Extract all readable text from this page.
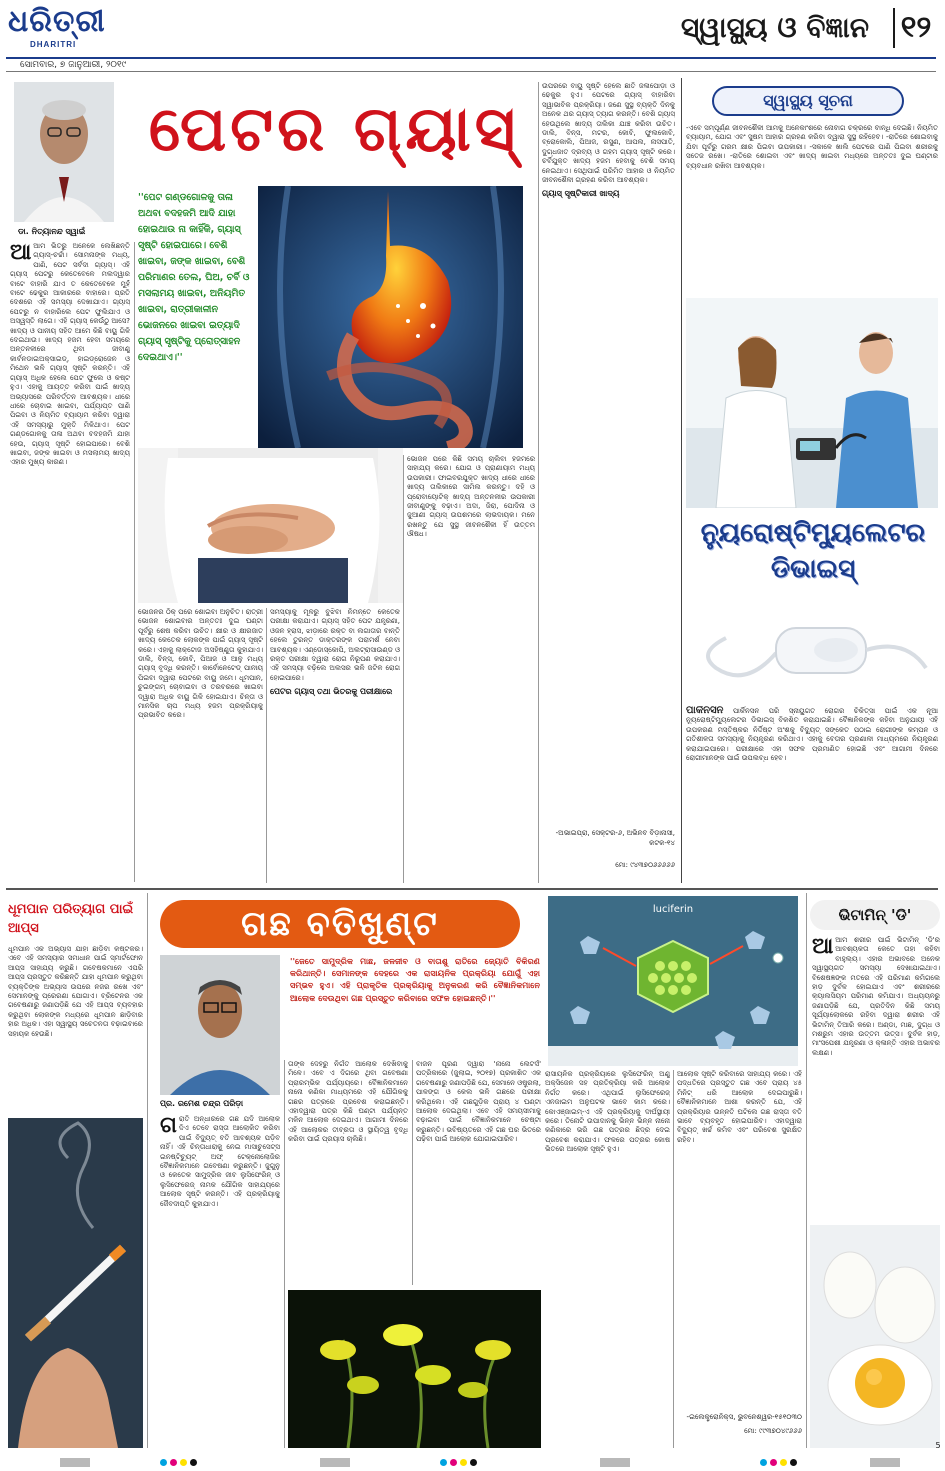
ଧରିତ୍ରୀ
DHARITRI
ସ୍ୱାସ୍ଥ୍ୟ ଓ ବିଜ୍ଞାନ	୧୨
ସୋମବାର, ୭ ଜାନୁଆରୀ, ୨୦୧୯
ଡା. ନିତ୍ୟାନନ୍ଦ ସ୍ୱାଇଁ
ପେଟର ଗ୍ୟାସ୍
''ପେଟ ଗଣ୍ଡଗୋଳକୁ ତାଳା ଅଥବା ବଦହଜମି ଆଦି ଯାହା ହୋଇଥାଉ ନା କାହିଁକି, ଗ୍ୟାସ୍ ସୃଷ୍ଟି ହୋଇପାରେ। ବେଶି ଖାଇବା, ଜଙ୍କ ଖାଇବା, ବେଶି ପରିମାଣର ତେଲ, ଘିଅ, ଚର୍ବି ଓ ମସଲାମୟ ଖାଇବା, ଅନିୟମିତ ଖାଇବା, ରାତ୍ରୀକାଳୀନ ଭୋଜନରେ ଖାଇବା ଇତ୍ୟାଦି ଗ୍ୟାସ୍ ସୃଷ୍ଟିକୁ ପ୍ରୋତ୍ସାହନ ଦେଇଥାଏ।''
ଆଆମ ଭିତରୁ ଅନେକେ ଲେଖିଛନ୍ତି ଗ୍ୟାସ୍-ଚର୍ଚ୍ଚା। ସୋମନାଙ୍କ ମଧ୍ୟ, ପାଣି, ପେଟ ସର୍ବଦା ଗ୍ୟାସ୍। ଏହି ଗ୍ୟାସ୍ ପେଟରୁ କେତେବେଳେ ମଲଦ୍ୱାର ବାଟେ ବାହାରି ଯାଏ ତ କେତେବେଳେ ମୁହଁ ବାଟେ ଢେକୁର ଆକାରରେ ବାହାରେ। ପ୍ରତି ଦେଶରେ ଏହି ସମସ୍ୟା ଦେଖାଯାଏ। ଗ୍ୟାସ୍ ପେଟରୁ ନ ବାହାରିଲେ ପେଟ ଫୁଲିଯାଏ ଓ ଅସ୍ୱସ୍ତି ଲାଗେ। ଏହି ଗ୍ୟାସ୍ କେଉଁଠୁ ଆସେ? ଖାଦ୍ୟ ଓ ପାନୀୟ ସହିତ ଆମେ କିଛି ବାୟୁ ଗିଳି ଦେଇଥାଉ। ଖାଦ୍ୟ ହଜମ ହେବା ସମୟରେ ଅନ୍ତନଳୀରେ ଥିବା ଜୀବାଣୁ କାର୍ବନଡାଇଅକ୍ସାଇଡ୍, ହାଇଡ୍ରୋଜେନ ଓ ମିଥେନ ଭଳି ଗ୍ୟାସ୍ ସୃଷ୍ଟି କରନ୍ତି। ଏହି ଗ୍ୟାସ୍ ଅଧିକ ହେଲେ ପେଟ ଫୁଲେ ଓ କଷ୍ଟ ହୁଏ। ଏହାକୁ ଆୟତ୍ତ କରିବା ପାଇଁ ଖାଦ୍ୟ ଅଭ୍ୟାସରେ ପରିବର୍ତ୍ତନ ଆବଶ୍ୟକ। ଧୀରେ ଧୀରେ ଚୋବାଇ ଖାଇବା, ପର୍ଯ୍ୟାପ୍ତ ପାଣି ପିଇବା ଓ ନିୟମିତ ବ୍ୟାୟାମ କରିବା ଦ୍ୱାରା ଏହି ସମସ୍ୟାରୁ ମୁକ୍ତି ମିଳିଥାଏ। ପେଟ ଗଣ୍ଡଗୋଳକୁ ତାଳା ଅଥବା ବଦହଜମି ଯାହା ହେଉ, ଗ୍ୟାସ୍ ସୃଷ୍ଟି ହୋଇପାରେ। ବେଶି ଖାଇବା, ଜଙ୍କ ଖାଇବା ଓ ମସଲାମୟ ଖାଦ୍ୟ ଏହାର ମୁଖ୍ୟ କାରଣ।
ଭୋଜନର ଠିକ୍ ପରେ ଶୋଇବା ଅନୁଚିତ। ରାତ୍ରୀ ଭୋଜନ ଶୋଇବାର ଅନ୍ତତଃ ଦୁଇ ଘଣ୍ଟା ପୂର୍ବରୁ ଶେଷ କରିବା ଉଚିତ। କ୍ଷୀର ଓ କ୍ଷୀରଜାତ ଖାଦ୍ୟ କେତେକ ଲୋକଙ୍କ ପାଇଁ ଗ୍ୟାସ୍ ସୃଷ୍ଟି କରେ। ଏହାକୁ ଲାକ୍ଟୋଜ ଅସହିଷ୍ଣୁତା କୁହାଯାଏ। ଡାଲି, ବିନ୍ସ, କୋବି, ପିଆଜ ଓ ଆଳୁ ମଧ୍ୟ ଗ୍ୟାସ୍ ବୃଦ୍ଧି କରନ୍ତି। କାର୍ବୋନେଟେଡ୍ ପାନୀୟ ପିଇବା ଦ୍ୱାରା ପେଟରେ ବାୟୁ ଜମେ। ଧୂମପାନ, ଚୁଇଙ୍ଗମ୍ ଚୋବାଇବା ଓ ତରବରରେ ଖାଇବା ଦ୍ୱାରା ଅଧିକ ବାୟୁ ଗିଳି ହୋଇଯାଏ। ଚିନ୍ତା ଓ ମାନସିକ ଚାପ ମଧ୍ୟ ହଜମ ପ୍ରକ୍ରିୟାକୁ ପ୍ରଭାବିତ କରେ।
ସମସ୍ୟାକୁ ମୂଳରୁ ବୁଝିବା ନିମନ୍ତେ କେତେକ ପରୀକ୍ଷା କରାଯାଏ। ଗ୍ୟାସ୍ ସହିତ ପେଟ ଯନ୍ତ୍ରଣା, ଓଜନ ହ୍ରାସ, ଝାଡ଼ାରେ ରକ୍ତ ବା ଲଗାତାର ବାନ୍ତି ହେଲେ ତୁରନ୍ତ ଡାକ୍ତରଙ୍କ ପରାମର୍ଶ ନେବା ଆବଶ୍ୟକ। ଏଣ୍ଡୋସ୍କୋପି, ଅଲଟ୍ରାସାଉଣ୍ଡ ଓ ରକ୍ତ ପରୀକ୍ଷା ଦ୍ୱାରା ରୋଗ ନିରୂପଣ କରାଯାଏ। ଏହି ସମସ୍ୟା ବଢ଼ିଲେ ଅଲସର ଭଳି ଜଟିଳ ରୋଗ ହୋଇପାରେ।
ପେଟର ଗ୍ୟାସ୍ ତଥା ଭିତରକୁ ପରୀକ୍ଷାରେ
ଭୋଜନ ପରେ କିଛି ସମୟ ଚାଲିବା ହଜମରେ ସାହାଯ୍ୟ କରେ। ଯୋଗ ଓ ପ୍ରାଣାୟାମ ମଧ୍ୟ ଉପକାରୀ। ଫାଇବରଯୁକ୍ତ ଖାଦ୍ୟ ଧୀରେ ଧୀରେ ଖାଦ୍ୟ ତାଲିକାରେ ସାମିଲ କରନ୍ତୁ। ଦହି ଓ ପ୍ରୋବାୟୋଟିକ୍ ଖାଦ୍ୟ ଅନ୍ତନଳୀର ଉପକାରୀ ଜୀବାଣୁଙ୍କୁ ବଢ଼ାଏ। ଅଦା, ଜିରା, ପୋଦିନା ଓ ଜୁଆଣୀ ଗ୍ୟାସ୍ ଉପଶମରେ ଲାଭଦାୟକ। ମନେ ରଖନ୍ତୁ ଯେ ସୁସ୍ଥ ଜୀବନଶୈଳୀ ହିଁ ଉତ୍ତମ ଔଷଧ।
ଉପରରେ ବାୟୁ ସୃଷ୍ଟି ହେଲେ ଛାତି ଜଳାପୋଡ଼ା ଓ ଢେକୁର ହୁଏ। ପେଟରେ ଗ୍ୟାସ୍ ବାହାରିବା ସ୍ୱାଭାବିକ ପ୍ରକ୍ରିୟା। ଜଣେ ସୁସ୍ଥ ବ୍ୟକ୍ତି ଦିନକୁ ଅନେକ ଥର ଗ୍ୟାସ୍ ତ୍ୟାଗ କରନ୍ତି। ବେଶି ଗ୍ୟାସ୍ ହେଉଥିଲେ ଖାଦ୍ୟ ତାଲିକା ଯାଞ୍ଚ କରିବା ଉଚିତ। ଡାଲି, ବିନ୍ସ, ମଟର, କୋବି, ଫୁଲକୋବି, ବ୍ରୋକୋଲି, ପିଆଜ, ରସୁଣ, ଆପଲ, ନାସପାତି, ଦୁଗ୍ଧଜାତ ଦ୍ରବ୍ୟ ଓ ଗହମ ଗ୍ୟାସ୍ ସୃଷ୍ଟି କରେ। ଚର୍ବିଯୁକ୍ତ ଖାଦ୍ୟ ହଜମ ହେବାକୁ ବେଶି ସମୟ ନେଇଥାଏ। ସେଥିପାଇଁ ପରିମିତ ଆହାର ଓ ନିୟମିତ ଜୀବନଶୈଳୀ ଗ୍ରହଣ କରିବା ଆବଶ୍ୟକ।
ଗ୍ୟାସ୍ ସୃଷ୍ଟିକାରୀ ଖାଦ୍ୟ
-ଅଭାଇପ୍ରା, ସେକ୍ଟର-୬, ଅଭିନବ ବିଡ଼ାନାସୀ, କଟକ-୧୪
ମୋ: ୯୪୩୭୦୬୬୬୬୬
ସ୍ୱାସ୍ଥ୍ୟ ସୂଚନା
-ଏବେ ସମ୍ପୂର୍ଣ୍ଣ ଜୀବନଶୈଳୀ ଆମକୁ ଅନେକାଂଶରେ ନୋବାଗ ଚକ୍ରରେ ବାନ୍ଧି ଦେଇଛି। ନିୟମିତ ବ୍ୟାୟାମ, ଯୋଗ ଏବଂ ସୁଷମ ଆହାର ଗ୍ରହଣ କରିବା ଦ୍ୱାରା ସୁସ୍ଥ ରହିହେବ। -ରାତିରେ ଶୋଇବାକୁ ଯିବା ପୂର୍ବରୁ ଗରମ କ୍ଷୀର ପିଇବା ଉପକାରୀ। -ସକାଳେ ଖାଲି ପେଟରେ ପାଣି ପିଇବା ଶରୀରକୁ ସତେଜ ରଖେ। -ରାତିରେ ଶୋଇବା ଏବଂ ଖାଦ୍ୟ ଖାଇବା ମଧ୍ୟରେ ଅନ୍ତତଃ ଦୁଇ ଘଣ୍ଟାର ବ୍ୟବଧାନ ରଖିବା ଆବଶ୍ୟକ।
ନ୍ୟୁରୋଷ୍ଟିମ୍ୟୁଲେଟର ଡିଭାଇସ୍
ପାର୍କିନସନ ପାର୍କିନସନ ପରି ସ୍ନାୟୁଗତ ରୋଗର ଚିକିତ୍ସା ପାଇଁ ଏକ ନୂଆ ନ୍ୟୁରୋଷ୍ଟିମ୍ୟୁଲେଟର ଡିଭାଇସ୍ ବିକଶିତ କରାଯାଇଛି। ବୈଜ୍ଞାନିକଙ୍କ କହିବା ଅନୁଯାୟୀ ଏହି ଉପକରଣ ମସ୍ତିଷ୍କର ନିର୍ଦ୍ଦିଷ୍ଟ ଅଂଶକୁ ବିଦ୍ୟୁତ୍ ସଙ୍କେତ ପଠାଇ ରୋଗୀଙ୍କ କମ୍ପନ ଓ ଗତିଶୀଳତା ସମସ୍ୟାକୁ ନିୟନ୍ତ୍ରଣ କରିଥାଏ। ଏହାକୁ ବେତାର ପ୍ରଣାଳୀ ମାଧ୍ୟମରେ ନିୟନ୍ତ୍ରଣ କରାଯାଇପାରେ। ପରୀକ୍ଷାରେ ଏହା ସଫଳ ପ୍ରମାଣିତ ହୋଇଛି ଏବଂ ଆଗାମୀ ଦିନରେ ରୋଗୀମାନଙ୍କ ପାଇଁ ଉପଲବ୍ଧ ହେବ।
ଧୂମପାନ ପରିତ୍ୟାଗ ପାଇଁ ଆପ୍ସ
ଧୂମପାନ ଏକ ଅଭ୍ୟାସ ଯାହା ଛାଡ଼ିବା କଷ୍ଟକର। ଏବେ ଏହି ସମସ୍ୟାର ସମାଧାନ ପାଇଁ ସ୍ମାର୍ଟଫୋନ ଆପ୍ସ ସାହାଯ୍ୟ କରୁଛି। ଗବେଷକମାନେ ଏପରି ଆପ୍ସ ପ୍ରସ୍ତୁତ କରିଛନ୍ତି ଯାହା ଧୂମପାନ କରୁଥିବା ବ୍ୟକ୍ତିଙ୍କ ଅଭ୍ୟାସ ଉପରେ ନଜର ରଖେ ଏବଂ ସେମାନଙ୍କୁ ପ୍ରେରଣା ଯୋଗାଏ। ବ୍ରିଟେନର ଏକ ଗବେଷଣାରୁ ଜଣାପଡ଼ିଛି ଯେ ଏହି ଆପ୍ସ ବ୍ୟବହାର କରୁଥିବା ଲୋକଙ୍କ ମଧ୍ୟରେ ଧୂମପାନ ଛାଡ଼ିବାର ହାର ଅଧିକ। ଏହା ସ୍ୱାସ୍ଥ୍ୟ ସଚେତନତା ବଢ଼ାଇବାରେ ସହାୟକ ହେଉଛି।
ଗଛ ବତିଖୁଣ୍ଟ
ପ୍ର. ରମେଶ ଚନ୍ଦ୍ର ପରିଡ଼ା
''ଜେତେ ସାମୁଦ୍ରିକ ମାଛ, ଜଳଜୀବ ଓ ବାତାଶୁ ରାତିରେ ଜ୍ୟୋତି ବିକିରଣ କରିଥାନ୍ତି। ସେମାନଙ୍କ ଦେହରେ ଏକ ରାସାୟନିକ ପ୍ରକ୍ରିୟା ଯୋଗୁଁ ଏହା ସମ୍ଭବ ହୁଏ। ଏହି ପ୍ରାକୃତିକ ପ୍ରକ୍ରିୟାକୁ ଅନୁକରଣ କରି ବୈଜ୍ଞାନିକମାନେ ଆଲୋକ ଦେଉଥିବା ଗଛ ପ୍ରସ୍ତୁତ କରିବାରେ ସଫଳ ହୋଇଛନ୍ତି।''
ଗରାତି ଅନ୍ଧାରରେ ଗଛ ଯଦି ଆଲୋକ ଦିଏ ତେବେ ରାସ୍ତା ଆଲୋକିତ କରିବା ପାଇଁ ବିଦ୍ୟୁତ୍ ବତି ଆବଶ୍ୟକ ପଡ଼ିବ ନାହିଁ। ଏହି ଚିନ୍ତାଧାରାକୁ ନେଇ ମାସାଚୁସେଟ୍ସ ଇନଷ୍ଟିଚ୍ୟୁଟ୍ ଅଫ୍ ଟେକ୍ନୋଲୋଜିର ବୈଜ୍ଞାନିକମାନେ ଗବେଷଣା କରୁଛନ୍ତି। ଜୁଗୁନୁ ଓ କେତେକ ସାମୁଦ୍ରିକ ଜୀବ ଲୁସିଫେରିନ୍ ଓ ଲୁସିଫେରେଜ୍ ନାମକ ଯୌଗିକ ସାହାଯ୍ୟରେ ଆଲୋକ ସୃଷ୍ଟି କରନ୍ତି। ଏହି ପ୍ରକ୍ରିୟାକୁ ଜୈବଦୀପ୍ତି କୁହାଯାଏ।
ତାଙ୍କ ଦେହରୁ ନିର୍ଗତ ଆଲୋକ ଦେଖିବାକୁ ମିଳେ। ଏବେ ଏ ଦିଗରେ ଥିବା ଗବେଷଣା ପ୍ରାରମ୍ଭିକ ପର୍ଯ୍ୟାୟରେ। ବୈଜ୍ଞାନିକମାନେ ନାନୋ କଣିକା ମାଧ୍ୟମରେ ଏହି ଯୌଗିକକୁ ଗଛର ପତ୍ରରେ ପ୍ରବେଶ କରାଇଛନ୍ତି। ଏହାଦ୍ୱାରା ପତ୍ର କିଛି ଘଣ୍ଟା ପର୍ଯ୍ୟନ୍ତ ମଳିନ ଆଲୋକ ଦେଇଥାଏ। ଆଗାମୀ ଦିନରେ ଏହି ଆଲୋକର ତୀବ୍ରତା ଓ ସ୍ଥାୟିତ୍ୱ ବୃଦ୍ଧି କରିବା ପାଇଁ ପ୍ରୟାସ ଚାଲିଛି।
ବାଜନ ପୂରଣ ଦ୍ୱାରା 'ନାନୋ ଲେଟର୍ସ' ପତ୍ରିକାରେ (ଜୁଲାଇ, ୨୦୧୭) ପ୍ରକାଶିତ ଏକ ଗବେଷଣାରୁ ଜଣାପଡ଼ିଛି ଯେ, ସେମାନେ ଓଷ୍ଟ୍ରଲା, ପାଳଙ୍ଗ ଓ କେଲ ଭଳି ଗଛରେ ପରୀକ୍ଷା କରିଥିଲେ। ଏହି ଗଛଗୁଡ଼ିକ ପ୍ରାୟ ୪ ଘଣ୍ଟା ଆଲୋକ ଦେଇଥିଲା। ଏବେ ଏହି ସମୟସୀମାକୁ ବଢ଼ାଇବା ପାଇଁ ବୈଜ୍ଞାନିକମାନେ ଚେଷ୍ଟା କରୁଛନ୍ତି। ଭବିଷ୍ୟତରେ ଏହି ଗଛ ଘର ଭିତରେ ପଢ଼ିବା ପାଇଁ ଆଲୋକ ଯୋଗାଇପାରିବ।
luciferin
ରାସାୟନିକ ପ୍ରକ୍ରିୟାରେ ଲୁସିଫେରିନ୍ ଅଣୁ ଅକ୍ସିଜେନ ସହ ପ୍ରତିକ୍ରିୟା କରି ଆଲୋକ ନିର୍ଗତ କରେ। ଏଥିପାଇଁ ଲୁସିଫେରେଜ୍ ଏନଜାଇମ ଅନୁଘଟକ ଭାବେ କାମ କରେ। କୋଏଞ୍ଜାଇମ୍-ଏ ଏହି ପ୍ରକ୍ରିୟାକୁ ଦୀର୍ଘସ୍ଥାୟୀ କରେ। ତିନୋଟି ଉପାଦାନକୁ ଭିନ୍ନ ଭିନ୍ନ ନାନୋ କଣିକାରେ ଭରି ଗଛ ପତ୍ରର ଛିଦ୍ର ଦେଇ ପ୍ରବେଶ କରାଯାଏ। ଫଳରେ ପତ୍ରର କୋଷ ଭିତରେ ଆଲୋକ ସୃଷ୍ଟି ହୁଏ।
ଆଲୋକ ସୃଷ୍ଟି କରିବାରେ ସାହାଯ୍ୟ କରେ। ଏହି ପଦ୍ଧତିରେ ପ୍ରସ୍ତୁତ ଗଛ ଏବେ ପ୍ରାୟ ୪୫ ମିନିଟ୍ ଧରି ଆଲୋକ ଦେଇପାରୁଛି। ବୈଜ୍ଞାନିକମାନେ ଆଶା କରନ୍ତି ଯେ, ଏହି ପ୍ରକ୍ରିୟାର ଉନ୍ନତି ଘଟିଲେ ଗଛ ରାସ୍ତା ବତି ଭାବେ ବ୍ୟବହୃତ ହୋଇପାରିବ। ଏହାଦ୍ୱାରା ବିଦ୍ୟୁତ୍ ଖର୍ଚ୍ଚ କମିବ ଏବଂ ପରିବେଶ ସୁରକ୍ଷିତ ରହିବ।
-ଇଲେକ୍ଟ୍ରୋନିକ୍ସ, ଭୁବନେଶ୍ୱର-୧୫୧୦୩୦
ମୋ: ୯୯୩୭୦୪୯୬୬୬
ଭିଟାମିନ୍ 'ଡି'
ଆଆମ ଶରୀର ପାଇଁ ଭିଟାମିନ୍ 'ଡି'ର ଆବଶ୍ୟକତା କେତେ ତାହା କହିବା ବାହୁଲ୍ୟ। ଏହାର ଅଭାବରେ ଅନେକ ସ୍ୱାସ୍ଥ୍ୟଗତ ସମସ୍ୟା ଦେଖାଯାଇଥାଏ। ବିଶେଷଜ୍ଞଙ୍କ ମତରେ ଏହି ପରିମାଣ କମିଗଲେ ହାଡ଼ ଦୁର୍ବଳ ହୋଇଯାଏ ଏବଂ ଶରୀରରେ କ୍ୟାଲସିୟମ ପରିମାଣ କମିଯାଏ। ଅଧ୍ୟୟନରୁ ଜଣାପଡ଼ିଛି ଯେ, ପ୍ରତିଦିନ କିଛି ସମୟ ସୂର୍ଯ୍ୟାଲୋକରେ ରହିବା ଦ୍ୱାରା ଶରୀର ଏହି ଭିଟାମିନ୍ ତିଆରି କରେ। ଅଣ୍ଡା, ମାଛ, ଦୁଗ୍ଧ ଓ ମଶରୁମ ଏହାର ଉତ୍ତମ ଉତ୍ସ। ଦୁର୍ବଳ ହାଡ଼, ମାଂସପେଶୀ ଯନ୍ତ୍ରଣା ଓ କ୍ଳାନ୍ତି ଏହାର ଅଭାବର ଲକ୍ଷଣ।
5
